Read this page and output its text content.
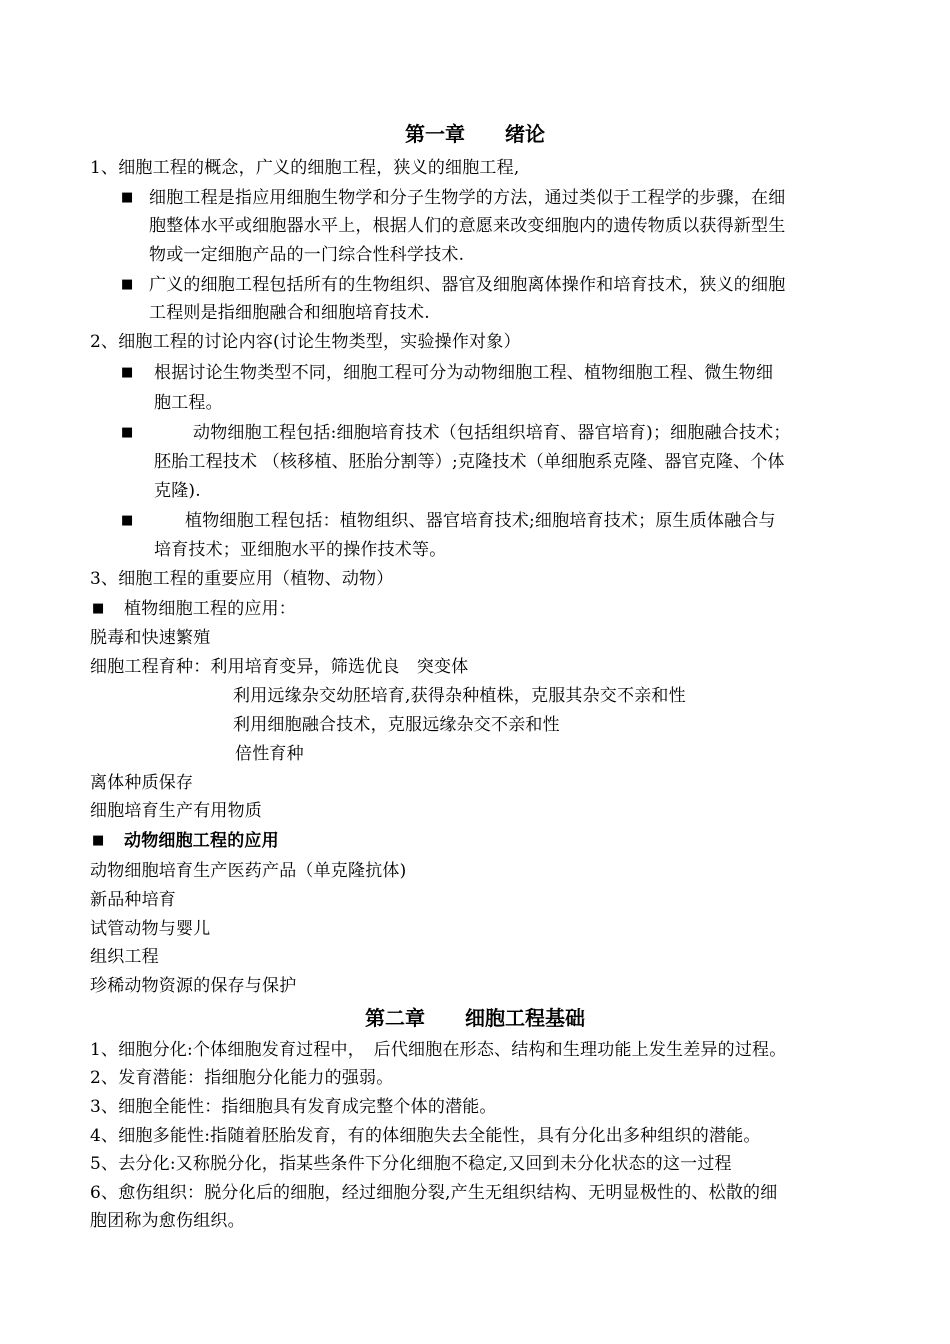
第一章　　绪论
1、细胞工程的概念，广义的细胞工程，狭义的细胞工程,
■ 细胞工程是指应用细胞生物学和分子生物学的方法，通过类似于工程学的步骤，在细
胞整体水平或细胞器水平上，根据人们的意愿来改变细胞内的遗传物质以获得新型生
物或一定细胞产品的一门综合性科学技术.
■ 广义的细胞工程包括所有的生物组织、器官及细胞离体操作和培育技术，狭义的细胞
工程则是指细胞融合和细胞培育技术.
2、细胞工程的讨论内容(讨论生物类型，实验操作对象）
■ 根据讨论生物类型不同，细胞工程可分为动物细胞工程、植物细胞工程、微生物细
胞工程。
■	动物细胞工程包括:细胞培育技术（包括组织培育、器官培育)；细胞融合技术；
胚胎工程技术 （核移植、胚胎分割等）;克隆技术（单细胞系克隆、器官克隆、个体
克隆).
■	植物细胞工程包括：植物组织、器官培育技术;细胞培育技术；原生质体融合与
培育技术；亚细胞水平的操作技术等。
3、细胞工程的重要应用（植物、动物）
■ 植物细胞工程的应用：
脱毒和快速繁殖
细胞工程育种：利用培育变异，筛选优良　突变体
利用远缘杂交幼胚培育,获得杂种植株，克服其杂交不亲和性
利用细胞融合技术，克服远缘杂交不亲和性
倍性育种
离体种质保存
细胞培育生产有用物质
■ 动物细胞工程的应用
动物细胞培育生产医药产品（单克隆抗体)
新品种培育
试管动物与婴儿
组织工程
珍稀动物资源的保存与保护
第二章　　细胞工程基础
1、细胞分化:个体细胞发育过程中，　后代细胞在形态、结构和生理功能上发生差异的过程。
2、发育潜能：指细胞分化能力的强弱。
3、细胞全能性：指细胞具有发育成完整个体的潜能。
4、细胞多能性:指随着胚胎发育，有的体细胞失去全能性，具有分化出多种组织的潜能。
5、去分化:又称脱分化，指某些条件下分化细胞不稳定,又回到未分化状态的这一过程
6、愈伤组织：脱分化后的细胞，经过细胞分裂,产生无组织结构、无明显极性的、松散的细
胞团称为愈伤组织。
